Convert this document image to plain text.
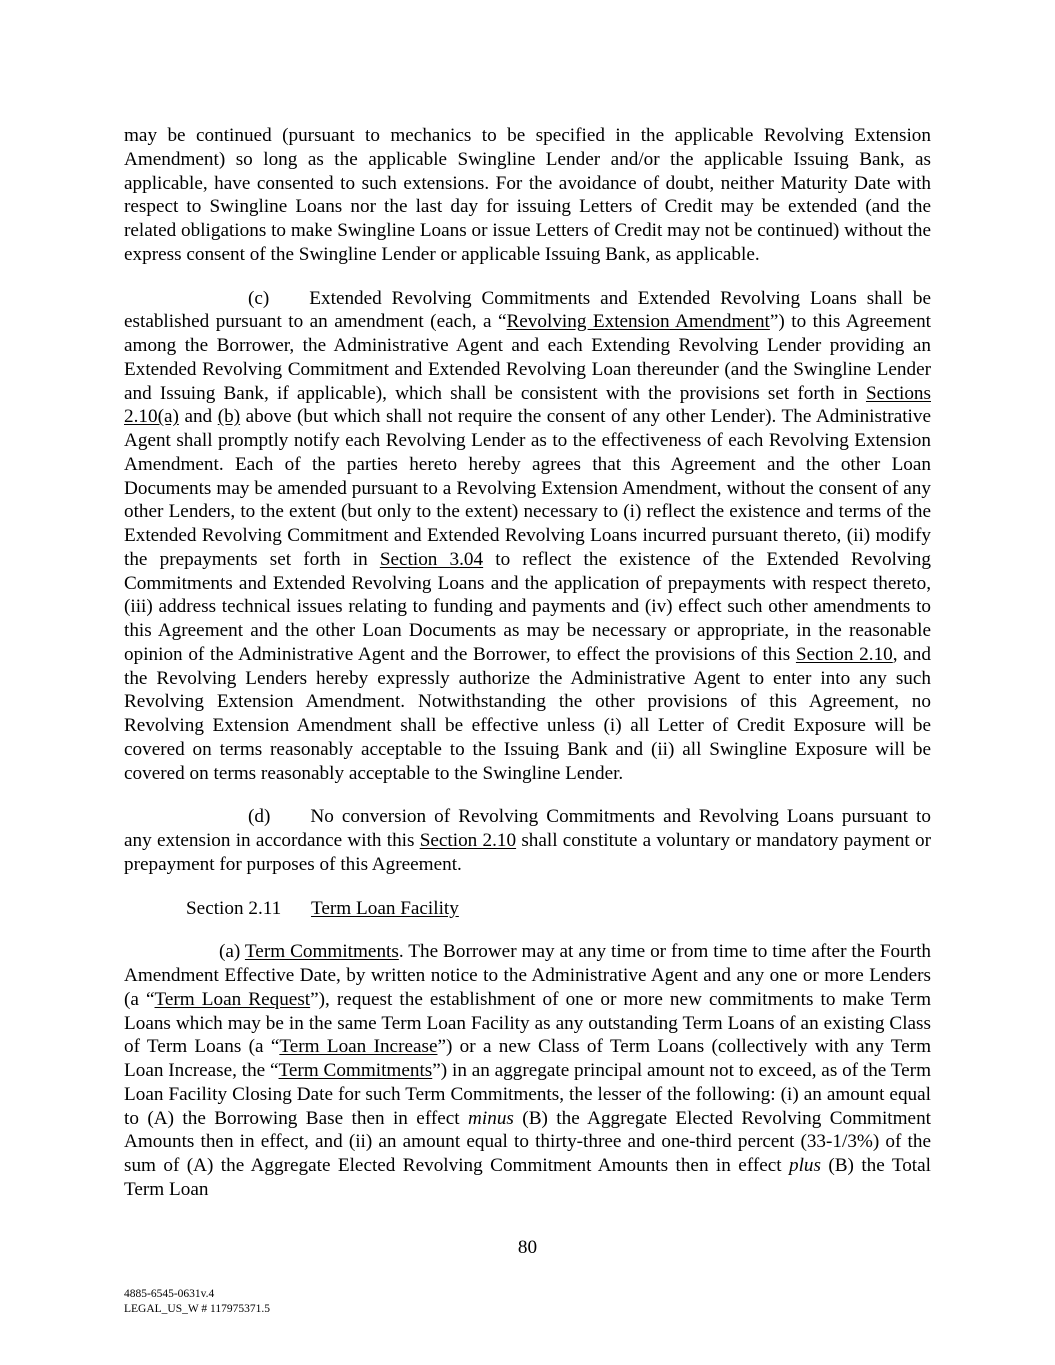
may be continued (pursuant to mechanics to be specified in the applicable Revolving Extension Amendment) so long as the applicable Swingline Lender and/or the applicable Issuing Bank, as applicable, have consented to such extensions. For the avoidance of doubt, neither Maturity Date with respect to Swingline Loans nor the last day for issuing Letters of Credit may be extended (and the related obligations to make Swingline Loans or issue Letters of Credit may not be continued) without the express consent of the Swingline Lender or applicable Issuing Bank, as applicable.

(c) Extended Revolving Commitments and Extended Revolving Loans shall be established pursuant to an amendment (each, a “Revolving Extension Amendment”) to this Agreement among the Borrower, the Administrative Agent and each Extending Revolving Lender providing an Extended Revolving Commitment and Extended Revolving Loan thereunder (and the Swingline Lender and Issuing Bank, if applicable), which shall be consistent with the provisions set forth in Sections 2.10(a) and (b) above (but which shall not require the consent of any other Lender). The Administrative Agent shall promptly notify each Revolving Lender as to the effectiveness of each Revolving Extension Amendment. Each of the parties hereto hereby agrees that this Agreement and the other Loan Documents may be amended pursuant to a Revolving Extension Amendment, without the consent of any other Lenders, to the extent (but only to the extent) necessary to (i) reflect the existence and terms of the Extended Revolving Commitment and Extended Revolving Loans incurred pursuant thereto, (ii) modify the prepayments set forth in Section 3.04 to reflect the existence of the Extended Revolving Commitments and Extended Revolving Loans and the application of prepayments with respect thereto, (iii) address technical issues relating to funding and payments and (iv) effect such other amendments to this Agreement and the other Loan Documents as may be necessary or appropriate, in the reasonable opinion of the Administrative Agent and the Borrower, to effect the provisions of this Section 2.10, and the Revolving Lenders hereby expressly authorize the Administrative Agent to enter into any such Revolving Extension Amendment. Notwithstanding the other provisions of this Agreement, no Revolving Extension Amendment shall be effective unless (i) all Letter of Credit Exposure will be covered on terms reasonably acceptable to the Issuing Bank and (ii) all Swingline Exposure will be covered on terms reasonably acceptable to the Swingline Lender.

(d) No conversion of Revolving Commitments and Revolving Loans pursuant to any extension in accordance with this Section 2.10 shall constitute a voluntary or mandatory payment or prepayment for purposes of this Agreement.

Section 2.11 Term Loan Facility

(a) Term Commitments. The Borrower may at any time or from time to time after the Fourth Amendment Effective Date, by written notice to the Administrative Agent and any one or more Lenders (a “Term Loan Request”), request the establishment of one or more new commitments to make Term Loans which may be in the same Term Loan Facility as any outstanding Term Loans of an existing Class of Term Loans (a “Term Loan Increase”) or a new Class of Term Loans (collectively with any Term Loan Increase, the “Term Commitments”) in an aggregate principal amount not to exceed, as of the Term Loan Facility Closing Date for such Term Commitments, the lesser of the following: (i) an amount equal to (A) the Borrowing Base then in effect minus (B) the Aggregate Elected Revolving Commitment Amounts then in effect, and (ii) an amount equal to thirty-three and one-third percent (33-1/3%) of the sum of (A) the Aggregate Elected Revolving Commitment Amounts then in effect plus (B) the Total Term Loan

80
4885-6545-0631v.4
LEGAL_US_W # 117975371.5
